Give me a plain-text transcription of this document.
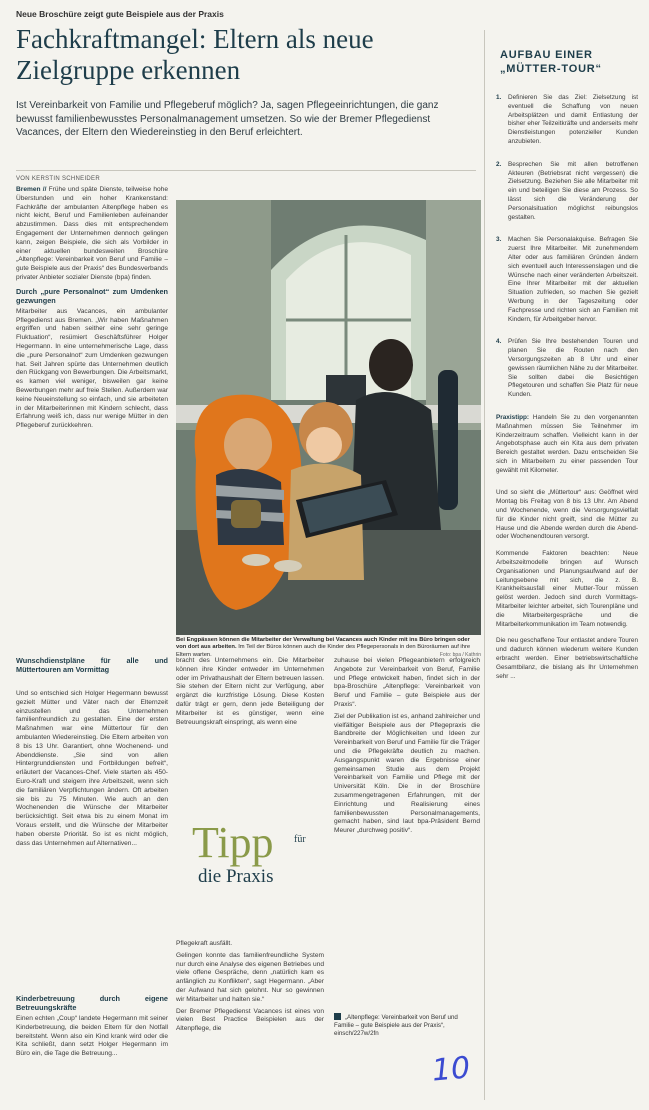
Neue Broschüre zeigt gute Beispiele aus der Praxis
Fachkraftmangel: Eltern als neue Zielgruppe erkennen
Ist Vereinbarkeit von Familie und Pflegeberuf möglich? Ja, sagen Pflegeeinrichtungen, die ganz bewusst familienbewusstes Personalmanagement umsetzen. So wie der Bremer Pflegedienst Vacances, der Eltern den Wiedereinstieg in den Beruf erleichtert.
VON KERSTIN SCHNEIDER

Bremen // Frühe und späte Dienste, teilweise hohe Überstunden und ein hoher Krankenstand: Fachkräfte der ambulanten Altenpflege haben es nicht leicht, Beruf und Familienleben aufeinander abzustimmen. Dass dies mit entsprechendem Engagement der Unternehmen dennoch gelingen kann, zeigen Beispiele, die sich als Vorbilder in einer aktuellen bundesweiten Broschüre „Altenpflege: Vereinbarkeit von Beruf und Familie – gute Beispiele aus der Praxis“ des Bundesverbands privater Anbieter sozialer Dienste (bpa) finden.

Durch „pure Personalnot“ zum Umdenken gezwungen

Mitarbeiter aus Vacances, ein ambulanter Pflegedienst aus Bremen. „Wir haben Maßnahmen ergriffen und haben seither eine sehr geringe Fluktuation“, resümiert Geschäftsführer Holger Hegermann. In eine unternehmerische Lage, dass die „pure Personalnot“ zum Umdenken gezwungen hat. Seit Jahren spürte das Unternehmen deutlich den Rückgang von Bewerbungen. Die Arbeitsmarkt, es kamen viel weniger, bisweilen gar keine Bewerbungen mehr auf freie Stellen. Außerdem war keine Neueinstellung so einfach, und sie arbeiteten in der Mitarbeiterinnen mit Kindern schlecht, dass Erfahrung weiß ich, dass nur wenige Mütter in den Pflegeberuf zurückkehren.

Wunschdienstpläne für alle und Müttertouren am Vormittag

Und so entschied sich Holger Hegermann bewusst gezielt Mütter und Väter nach der Elternzeit einzustellen und das Unternehmen familienfreundlich zu gestalten. Eine der ersten Maßnahmen war eine Müttertour für den ambulanten Wiedereinstieg. Die Eltern arbeiten von 8 bis 13 Uhr. Garantiert, ohne Wochenend- und Abenddienste. „Sie sind von allen Hintergrunddiensten und Fortbildungen befreit“, erläutert der Vacances-Chef. Viele starten als 450-Euro-Kraft und steigern ihre Arbeitszeit, wenn sich die familiären Verpflichtungen ändern. Oft arbeiten sie bis zu 75 Minuten. Wie auch an den Wochenenden die Wünsche der Mitarbeiter berücksichtigt. Seit etwa bis zu einem Monat im Voraus erstellt, und die Wünsche der Mitarbeiter haben oberste Priorität. So ist es nicht möglich, dass das Unternehmen auf Alternativen...

Kinderbetreuung durch eigene Betreuungskräfte

Einen echten „Coup“ landete Hegermann mit seiner Kinderbetreuung, die beiden Eltern für den Notfall bereitsteht. Wenn also ein Kind krank wird oder die Kita schließt, dann setzt Holger Hegermann im Büro ein, die Tage die Betreuung...

Bei Engpässen können die Mitarbeiter der Verwaltung bei Vacances auch Kinder mit ins Büro bringen oder von dort aus arbeiten. Im Teil der Büros können auch die Kinder des Pflegepersonals in den Büroräumen auf ihre Eltern warten.	Foto: bpa / Kathrin

bracht des Unternehmens ein. Die Mitarbeiter können ihre Kinder entweder im Unternehmen oder im Privathaushalt der Eltern betreuen lassen. Sie stehen der Eltern nicht zur Verfügung, aber ergänzt die kurzfristige Lösung. Diese Kosten dafür trägt er gern, denn jede Beteiligung der Mitarbeiter ist es günstiger, wenn eine Betreuungskraft einspringt, als wenn eine

Tipp für
die Praxis

Pflegekraft ausfällt.

Gelingen konnte das familienfreundliche System nur durch eine Analyse des eigenen Betriebes und viele offene Gespräche, denn „natürlich kam es anfänglich zu Konflikten“, sagt Hegermann. „Aber der Aufwand hat sich gelohnt. Nur so gewinnen wir Mitarbeiter und halten sie.“

Der Bremer Pflegedienst Vacances ist eines von vielen Best Practice Beispielen aus der Altenpflege, die

zuhause bei vielen Pflegeanbietern erfolgreich Angebote zur Vereinbarkeit von Beruf, Familie und Pflege entwickelt haben, findet sich in der bpa-Broschüre „Altenpflege: Vereinbarkeit von Beruf und Familie – gute Beispiele aus der Praxis“.

Ziel der Publikation ist es, anhand zahlreicher und vielfältiger Beispiele aus der Pflegepraxis die Bandbreite der Möglichkeiten und Ideen zur Vereinbarkeit von Beruf und Familie für die Träger und die Pflegekräfte deutlich zu machen. Ausgangspunkt waren die Ergebnisse einer gemeinsamen Studie aus dem Projekt Vereinbarkeit von Familie und Pflege mit der Universität Köln. Die in der Broschüre zusammengetragenen Erfahrungen, mit der Einrichtung und Realisierung eines familienbewussten Personalmanagements, gemacht haben, sind laut bpa-Präsident Bernd Meurer „durchweg positiv“.

„Altenpflege: Vereinbarkeit von Beruf und Familie – gute Beispiele aus der Praxis“, einsch/227w/2fn
10
AUFBAU EINER
„MÜTTER-TOUR“
1.	Definieren Sie das Ziel: Zielsetzung ist eventuell die Schaffung von neuen Arbeitsplätzen und damit Entlastung der bisher eher Teilzeitkräfte und anderseits mehr Dienstleistungen potenzieller Kunden anzubieten.
2.	Besprechen Sie mit allen betroffenen Akteuren (Betriebsrat nicht vergessen) die Zielsetzung. Beziehen Sie alle Mitarbeiter mit ein und beteiligen Sie diese am Prozess. So lässt sich die Veränderung der Personalsituation möglichst reibungslos gestalten.
3.	Machen Sie Personalakquise. Befragen Sie zuerst Ihre Mitarbeiter. Mit zunehmendem Alter oder aus familiären Gründen ändern sich eventuell auch Interessenslagen und die Wünsche nach einer veränderten Arbeitszeit. Eine Ihrer Mitarbeiter mit der aktuellen Situation zufrieden, so machen Sie gezielt Werbung in der Tageszeitung oder Fachpresse und richten sich an Familien mit Kindern, für Arbeitgeber hervor.
4.	Prüfen Sie Ihre bestehenden Touren und planen Sie die Routen nach den Versorgungszeiten ab 8 Uhr und einer gewissen räumlichen Nähe zu der Mitarbeiter. Sie sollten dabei die Besichtigen Pflegetouren und schaffen Sie Platz für neue Kunden.
Praxistipp: Handeln Sie zu den vorgenannten Maßnahmen müssen Sie Teilnehmer im Kinderzeitraum schaffen. Vielleicht kann in der Angebotsphase auch ein Kita aus dem privaten Bereich gestaltet werden. Dazu entscheiden Sie sich in Mitarbeitern zu einer passenden Tour gewählt mit Kilometer.
Und so sieht die „Müttertour“ aus: Geöffnet wird Montag bis Freitag von 8 bis 13 Uhr. Am Abend und Wochenende, wenn die Versorgungsvielfalt für die Kinder nicht greift, sind die Mütter zu Hause und die Abende werden durch die Abend- oder Wochenendtouren versorgt.
Kommende Faktoren beachten: Neue Arbeitszeitmodelle bringen auf Wunsch Organisationen und Planungsaufwand auf der Leitungsebene mit sich, die z. B. Krankheitsausfall einer Mutter-Tour müssen gelöst werden. Jedoch sind durch Vormittags-Mitarbeiter leichter arbeitet, sich Tourenpläne und die Mitarbeitergespräche und die Mitarbeiterkommunikation im Team notwendig.
Die neu geschaffene Tour entlastet andere Touren und dadurch können wiederum weitere Kunden erbracht werden. Einer betriebswirtschaftliche Gesamtbilanz, die bislang als Ihr Unternehmen sehr ...
